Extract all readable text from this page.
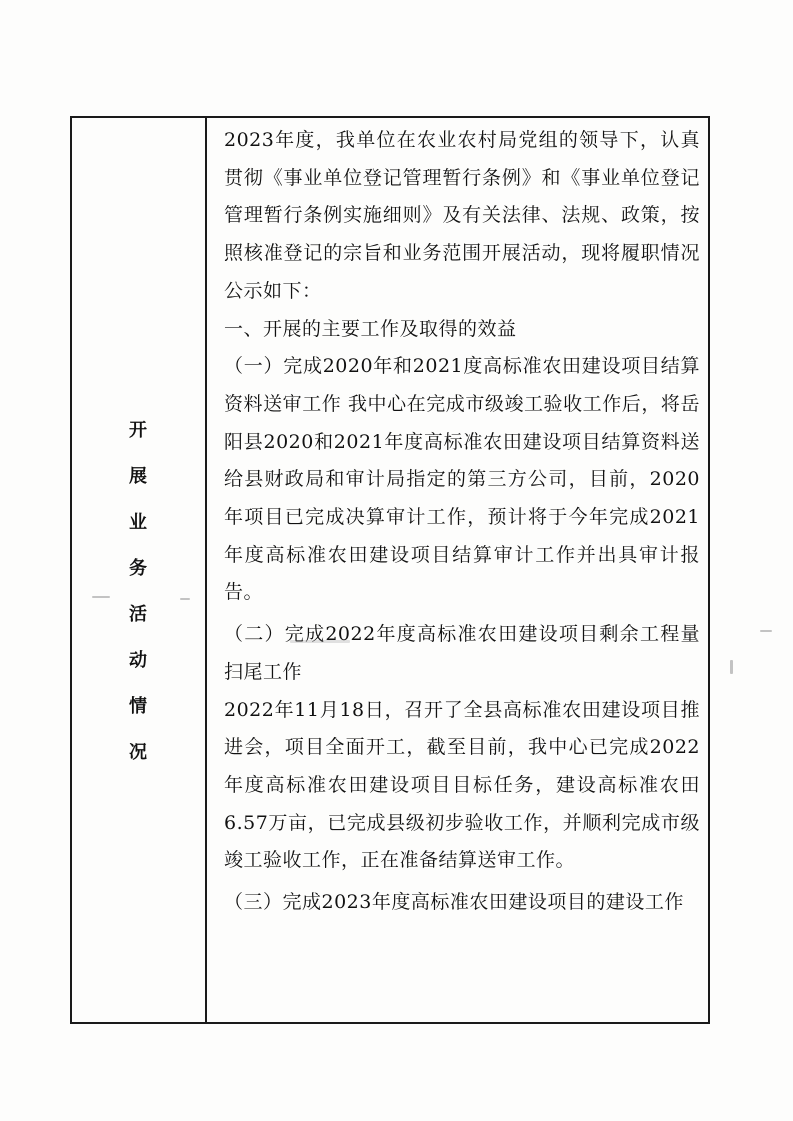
开
展
业
务
活
动
情
况

2023年度，我单位在农业农村局党组的领导下，认真贯彻《事业单位登记管理暂行条例》和《事业单位登记管理暂行条例实施细则》及有关法律、法规、政策，按照核准登记的宗旨和业务范围开展活动，现将履职情况公示如下：

一、开展的主要工作及取得的效益

（一）完成2020年和2021度高标准农田建设项目结算资料送审工作 我中心在完成市级竣工验收工作后，将岳阳县2020和2021年度高标准农田建设项目结算资料送给县财政局和审计局指定的第三方公司，目前，2020年项目已完成决算审计工作，预计将于今年完成2021年度高标准农田建设项目结算审计工作并出具审计报告。

（二）完成2022年度高标准农田建设项目剩余工程量扫尾工作

2022年11月18日，召开了全县高标准农田建设项目推进会，项目全面开工，截至目前，我中心已完成2022年度高标准农田建设项目目标任务，建设高标准农田6.57万亩，已完成县级初步验收工作，并顺利完成市级竣工验收工作，正在准备结算送审工作。

（三）完成2023年度高标准农田建设项目的建设工作
